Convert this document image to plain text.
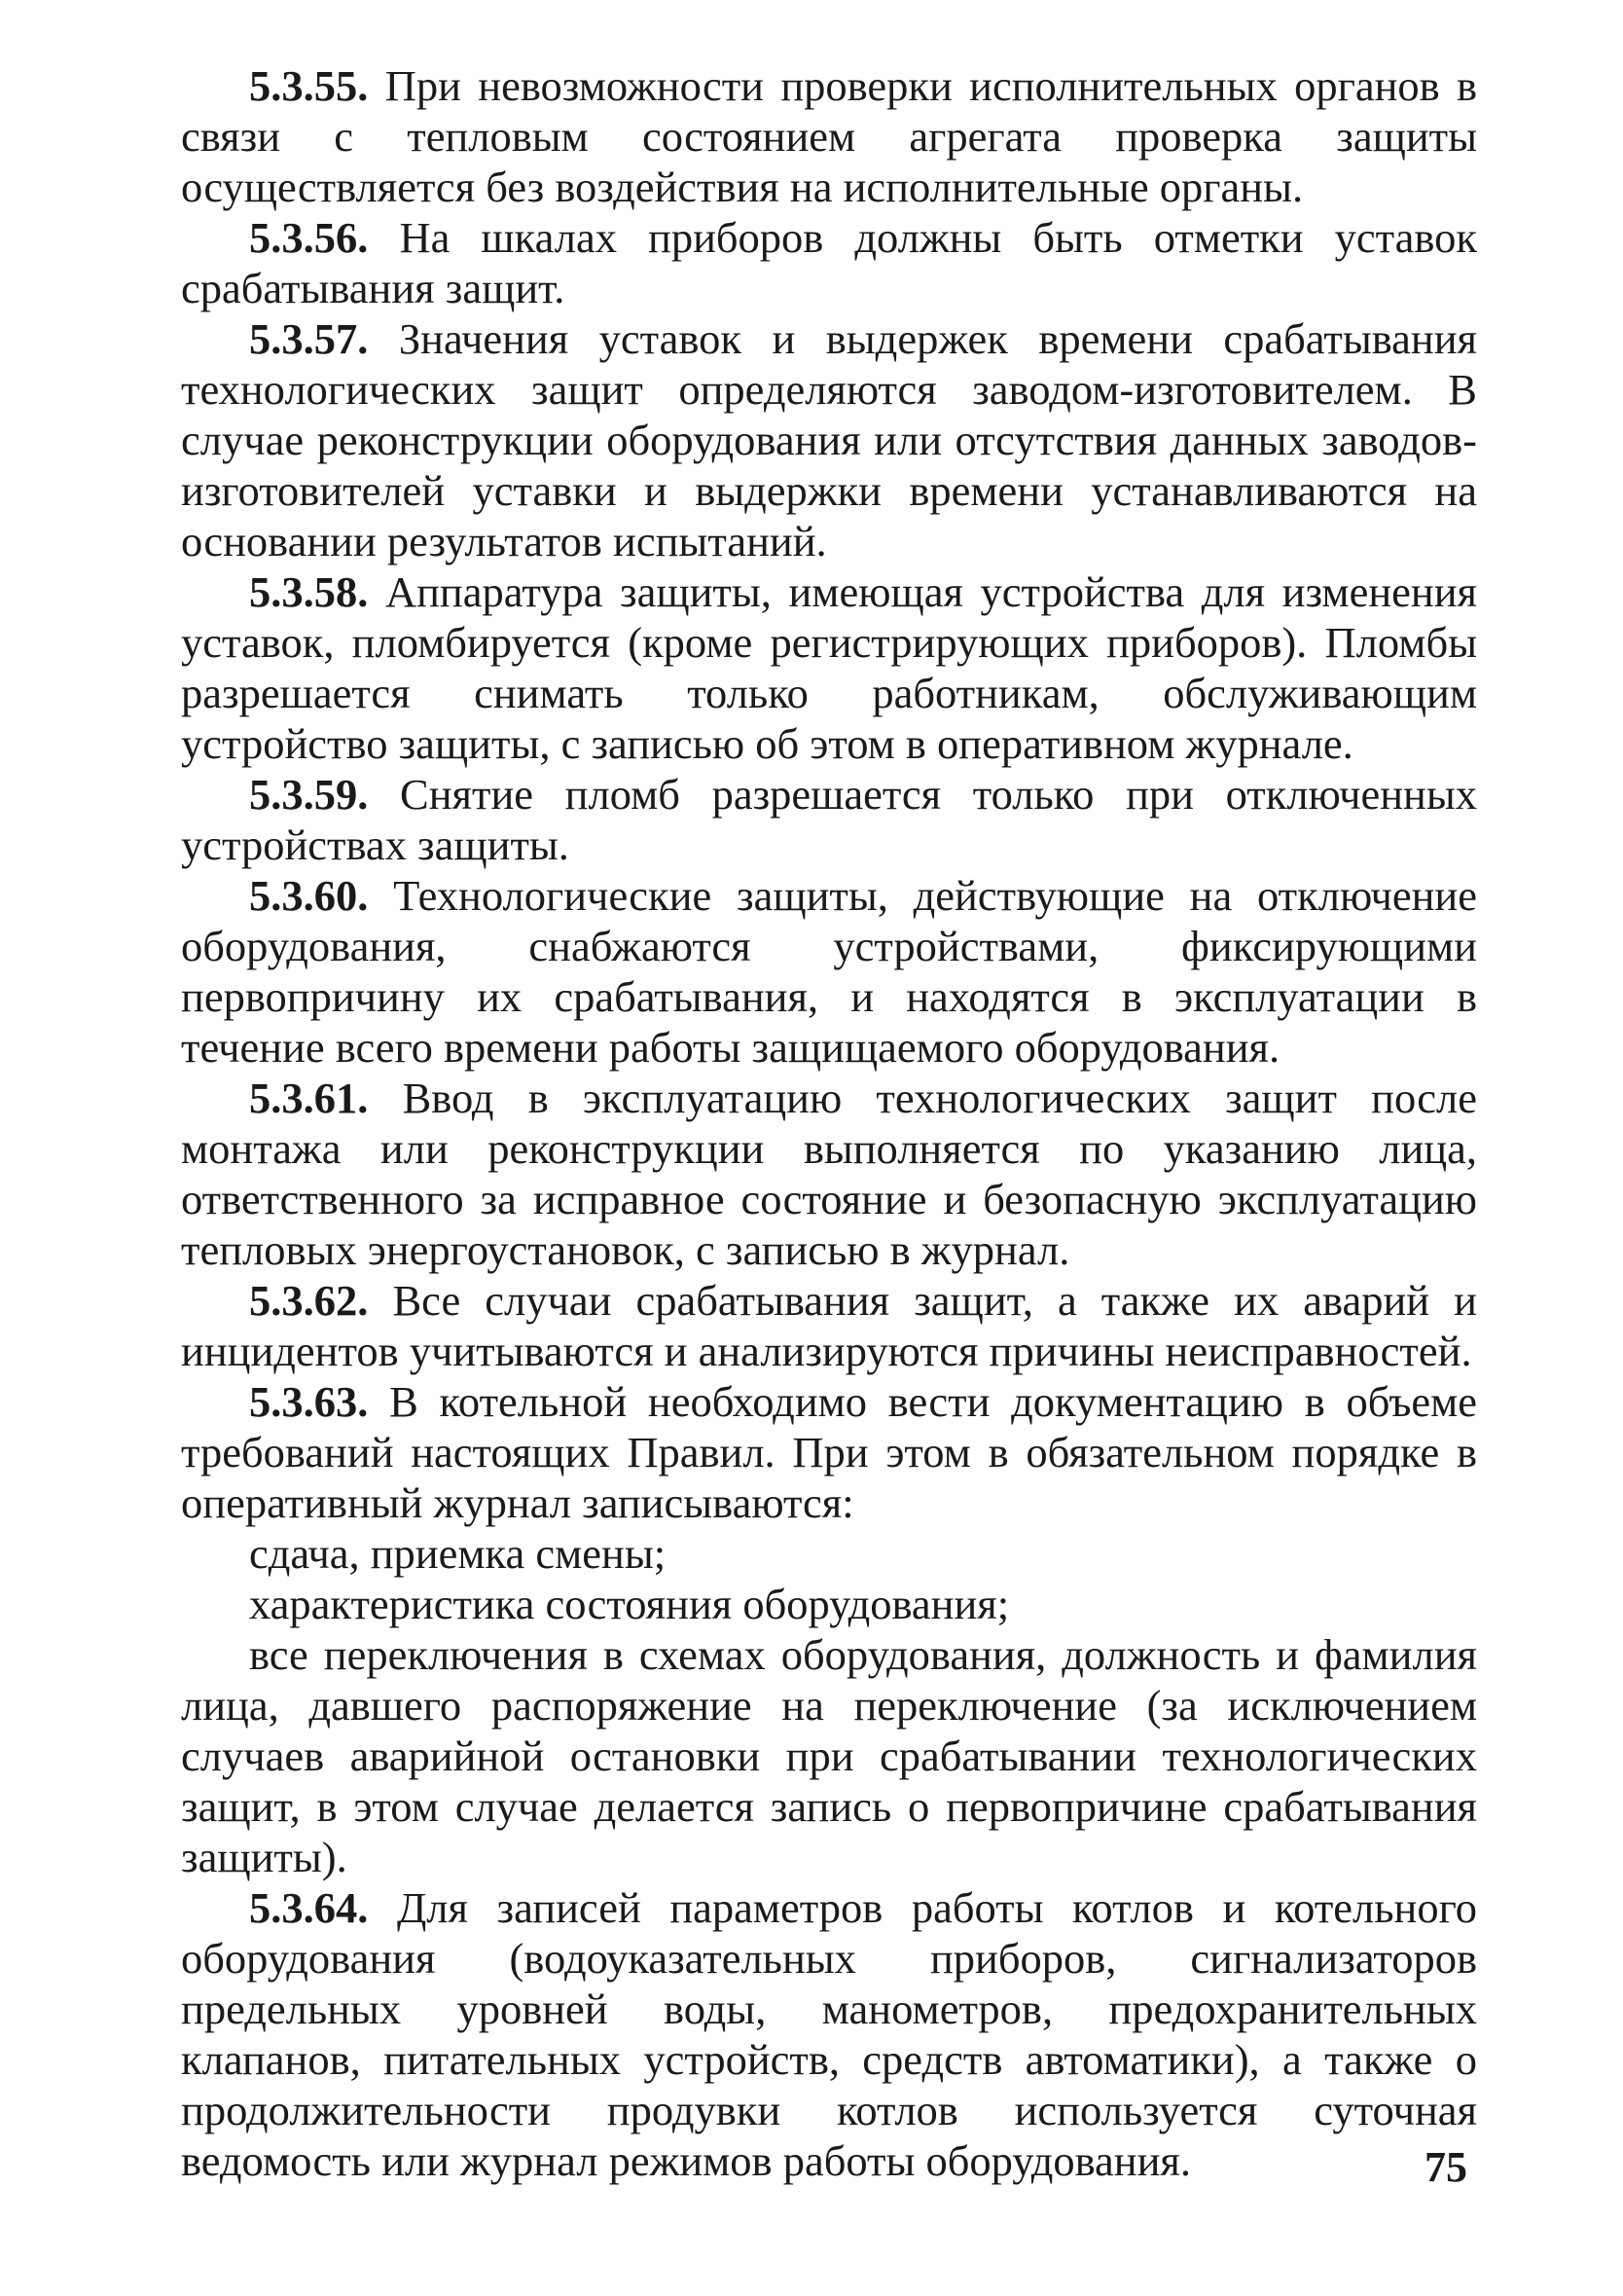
5.3.55. При невозможности проверки исполнительных органов в связи с тепловым состоянием агрегата проверка защиты осуществляется без воздействия на исполнительные органы.

5.3.56. На шкалах приборов должны быть отметки уставок срабатывания защит.

5.3.57. Значения уставок и выдержек времени срабатывания технологических защит определяются заводом-изготовителем. В случае реконструкции оборудования или отсутствия данных заводов-изготовителей уставки и выдержки времени устанавливаются на основании результатов испытаний.

5.3.58. Аппаратура защиты, имеющая устройства для изменения уставок, пломбируется (кроме регистрирующих приборов). Пломбы разрешается снимать только работникам, обслуживающим устройство защиты, с записью об этом в оперативном журнале.

5.3.59. Снятие пломб разрешается только при отключенных устройствах защиты.

5.3.60. Технологические защиты, действующие на отключение оборудования, снабжаются устройствами, фиксирующими первопричину их срабатывания, и находятся в эксплуатации в течение всего времени работы защищаемого оборудования.

5.3.61. Ввод в эксплуатацию технологических защит после монтажа или реконструкции выполняется по указанию лица, ответственного за исправное состояние и безопасную эксплуатацию тепловых энергоустановок, с записью в журнал.

5.3.62. Все случаи срабатывания защит, а также их аварий и инцидентов учитываются и анализируются причины неисправностей.

5.3.63. В котельной необходимо вести документацию в объеме требований настоящих Правил. При этом в обязательном порядке в оперативный журнал записываются:

сдача, приемка смены;

характеристика состояния оборудования;

все переключения в схемах оборудования, должность и фамилия лица, давшего распоряжение на переключение (за исключением случаев аварийной остановки при срабатывании технологических защит, в этом случае делается запись о первопричине срабатывания защиты).

5.3.64. Для записей параметров работы котлов и котельного оборудования (водоуказательных приборов, сигнализаторов предельных уровней воды, манометров, предохранительных клапанов, питательных устройств, средств автоматики), а также о продолжительности продувки котлов используется суточная ведомость или журнал режимов работы оборудования.	75
